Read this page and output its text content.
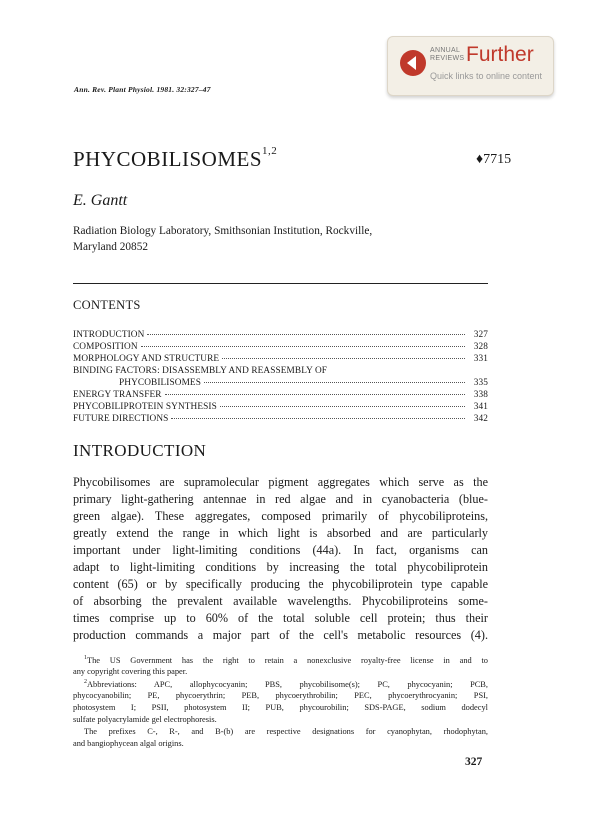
ANNUAL
REVIEWS Further
Quick links to online content
Ann. Rev. Plant Physiol. 1981. 32:327–47
PHYCOBILISOMES$^{1,2}$
♦7715
E. Gantt
Radiation Biology Laboratory, Smithsonian Institution, Rockville,
Maryland 20852
CONTENTS
INTRODUCTION	327
COMPOSITION	328
MORPHOLOGY AND STRUCTURE	331
BINDING FACTORS: DISASSEMBLY AND REASSEMBLY OF
PHYCOBILISOMES	335
ENERGY TRANSFER	338
PHYCOBILIPROTEIN SYNTHESIS	341
FUTURE DIRECTIONS	342
INTRODUCTION
Phycobilisomes are supramolecular pigment aggregates which serve as the
primary light-gathering antennae in red algae and in cyanobacteria (blue-
green algae). These aggregates, composed primarily of phycobiliproteins,
greatly extend the range in which light is absorbed and are particularly
important under light-limiting conditions (44a). In fact, organisms can
adapt to light-limiting conditions by increasing the total phycobiliprotein
content (65) or by specifically producing the phycobiliprotein type capable
of absorbing the prevalent available wavelengths. Phycobiliproteins some-
times comprise up to 60% of the total soluble cell protein; thus their
production commands a major part of the cell's metabolic resources (4).
$^1$The US Government has the right to retain a nonexclusive royalty-free license in and to
any copyright covering this paper.
$^2$Abbreviations: APC, allophycocyanin; PBS, phycobilisome(s); PC, phycocyanin; PCB,
phycocyanobilin; PE, phycoerythrin; PEB, phycoerythrobilin; PEC, phycoerythrocyanin; PSI,
photosystem I; PSII, photosystem II; PUB, phycourobilin; SDS-PAGE, sodium dodecyl
sulfate polyacrylamide gel electrophoresis.
The prefixes C-, R-, and B-(b) are respective designations for cyanophytan, rhodophytan,
and bangiophycean algal origins.
327
